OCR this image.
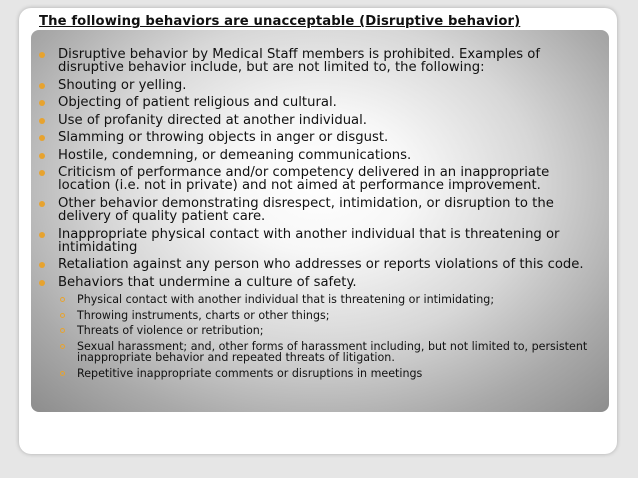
The following behaviors are unacceptable (Disruptive behavior)
Disruptive behavior by Medical Staff members is prohibited. Examples of disruptive behavior include, but are not limited to, the following:
Shouting or yelling.
Objecting of patient religious and cultural.
Use of profanity directed at another individual.
Slamming or throwing objects in anger or disgust.
Hostile, condemning, or demeaning communications.
Criticism of performance and/or competency delivered in an inappropriate location (i.e. not in private) and not aimed at performance improvement.
Other behavior demonstrating disrespect, intimidation, or disruption to the delivery of quality patient care.
Inappropriate physical contact with another individual that is threatening or intimidating
Retaliation against any person who addresses or reports violations of this code.
Behaviors that undermine a culture of safety.
Physical contact with another individual that is threatening or intimidating;
Throwing instruments, charts or other things;
Threats of violence or retribution;
Sexual harassment; and, other forms of harassment including, but not limited to, persistent inappropriate behavior and repeated threats of litigation.
Repetitive inappropriate comments or disruptions in meetings
